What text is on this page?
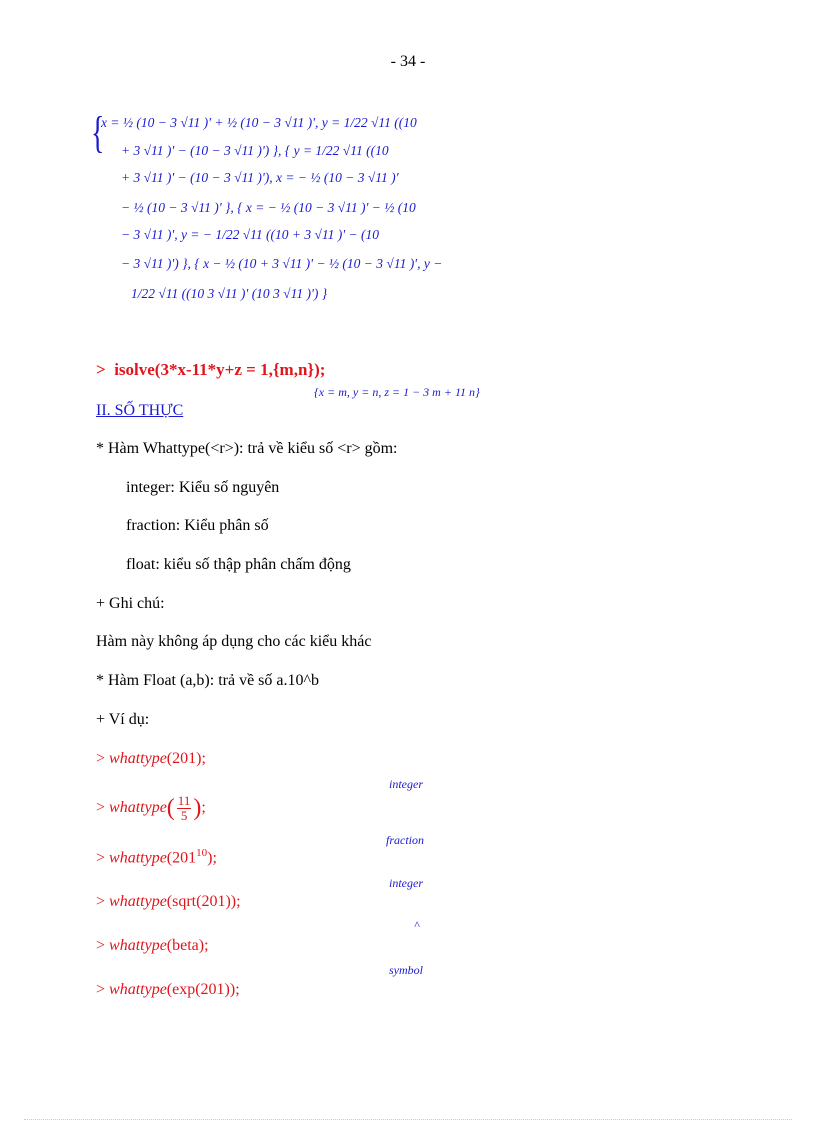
- 34 -
{
x = ½ (10 − 3 √11 )' + ½ (10 − 3 √11 )', y = 1/22 √11 ((10
+ 3 √11 )' − (10 − 3 √11 )') }, { y = 1/22 √11 ((10
+ 3 √11 )' − (10 − 3 √11 )'), x = − ½ (10 − 3 √11 )'
− ½ (10 − 3 √11 )' }, { x = − ½ (10 − 3 √11 )' − ½ (10
− 3 √11 )', y = − 1/22 √11 ((10 + 3 √11 )' − (10
− 3 √11 )') }, { x − ½ (10 + 3 √11 )' − ½ (10 − 3 √11 )', y −
1/22 √11 ((10 3 √11 )' (10 3 √11 )') }
> isolve(3*x-11*y+z = 1,{m,n});
{x = m, y = n, z = 1 − 3 m + 11 n}
II. SỐ THỰC
* Hàm Whattype(<r>): trả về kiểu số <r> gồm:
integer: Kiểu số nguyên
fraction: Kiểu phân số
float: kiểu số thập phân chấm động
+ Ghi chú:
Hàm này không áp dụng cho các kiểu khác
* Hàm Float (a,b): trả về số a.10^b
+ Ví dụ:
> whattype(201);
integer
> whattype( $\frac{11}{5}$ );
fraction
> $whattype(201^{10})$;
integer
> whattype(sqrt(201));
^
> whattype(beta);
symbol
> whattype(exp(201));
